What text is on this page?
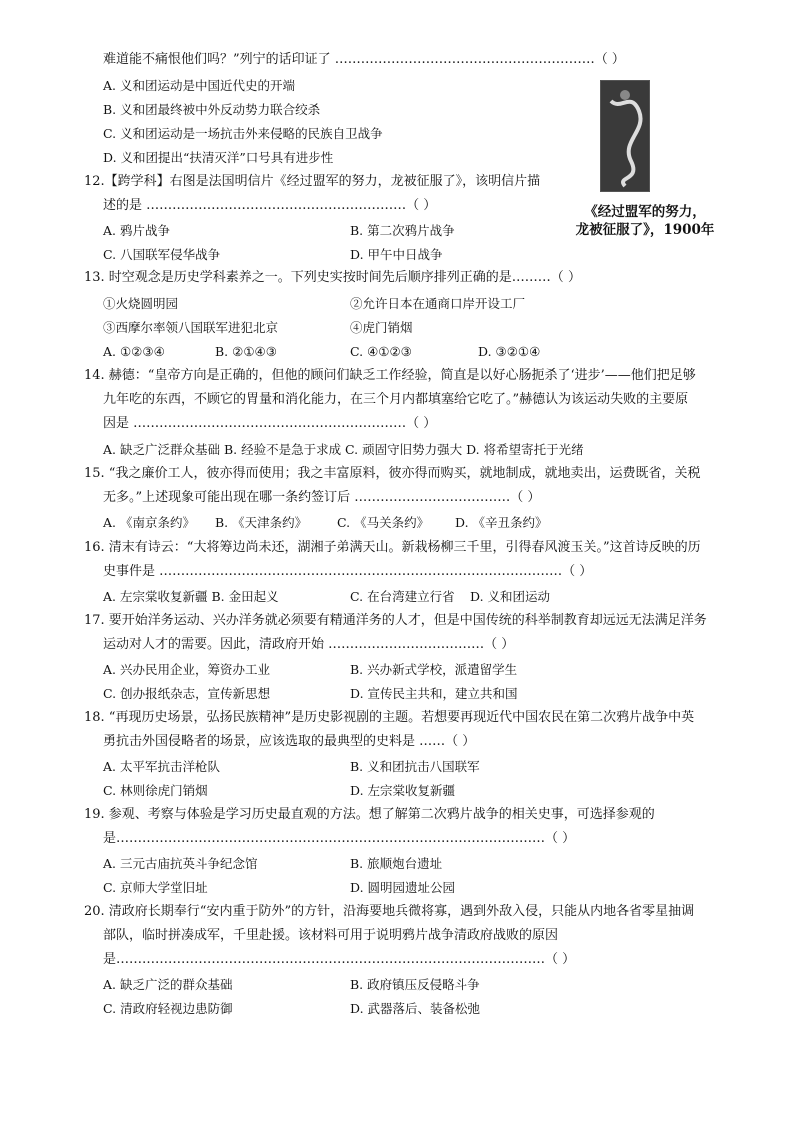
难道能不痛恨他们吗？”列宁的话印证了 ……………………………………………………（ ）
A. 义和团运动是中国近代史的开端
B. 义和团最终被中外反动势力联合绞杀
C. 义和团运动是一场抗击外来侵略的民族自卫战争
D. 义和团提出“扶清灭洋”口号具有进步性
《经过盟军的努力，
龙被征服了》，1900年
12.【跨学科】右图是法国明信片《经过盟军的努力，龙被征服了》，该明信片描
述的是 ……………………………………………………（ ）
A. 鸦片战争	B. 第二次鸦片战争
C. 八国联军侵华战争	D. 甲午中日战争
13. 时空观念是历史学科素养之一。下列史实按时间先后顺序排列正确的是………（ ）
①火烧圆明园	②允许日本在通商口岸开设工厂
③西摩尔率领八国联军进犯北京	④虎门销烟
A. ①②③④	B. ②①④③	C. ④①②③	D. ③②①④
14. 赫德：“皇帝方向是正确的，但他的顾问们缺乏工作经验，简直是以好心肠扼杀了‘进步’——他们把足够
九年吃的东西，不顾它的胃量和消化能力，在三个月内都填塞给它吃了。”赫德认为该运动失败的主要原
因是 ………………………………………………………（ ）
A. 缺乏广泛群众基础 B. 经验不是急于求成 C. 顽固守旧势力强大 D. 将希望寄托于光绪
15. “我之廉价工人，彼亦得而使用；我之丰富原料，彼亦得而购买，就地制成，就地卖出，运费既省，关税
无多。”上述现象可能出现在哪一条约签订后 ………………………………（ ）
A. 《南京条约》 B. 《天津条约》 C. 《马关条约》 D. 《辛丑条约》
16. 清末有诗云：“大将筹边尚未还，湖湘子弟满天山。新栽杨柳三千里，引得春风渡玉关。”这首诗反映的历
史事件是 …………………………………………………………………………………（ ）
A. 左宗棠收复新疆 B. 金田起义	C. 在台湾建立行省 D. 义和团运动
17. 要开始洋务运动、兴办洋务就必须要有精通洋务的人才，但是中国传统的科举制教育却远远无法满足洋务
运动对人才的需要。因此，清政府开始 ………………………………（ ）
A. 兴办民用企业，筹资办工业	B. 兴办新式学校，派遣留学生
C. 创办报纸杂志，宣传新思想	D. 宣传民主共和，建立共和国
18. “再现历史场景，弘扬民族精神”是历史影视剧的主题。若想要再现近代中国农民在第二次鸦片战争中英
勇抗击外国侵略者的场景，应该选取的最典型的史料是 ……（ ）
A. 太平军抗击洋枪队	B. 义和团抗击八国联军
C. 林则徐虎门销烟	D. 左宗棠收复新疆
19. 参观、考察与体验是学习历史最直观的方法。想了解第二次鸦片战争的相关史事，可选择参观的
是………………………………………………………………………………………（ ）
A. 三元古庙抗英斗争纪念馆	B. 旅顺炮台遗址
C. 京师大学堂旧址	D. 圆明园遗址公园
20. 清政府长期奉行“安内重于防外”的方针，沿海要地兵微将寡，遇到外敌入侵，只能从内地各省零星抽调
部队，临时拼凑成军，千里赴援。该材料可用于说明鸦片战争清政府战败的原因
是………………………………………………………………………………………（ ）
A. 缺乏广泛的群众基础	B. 政府镇压反侵略斗争
C. 清政府轻视边患防御	D. 武器落后、装备松弛
